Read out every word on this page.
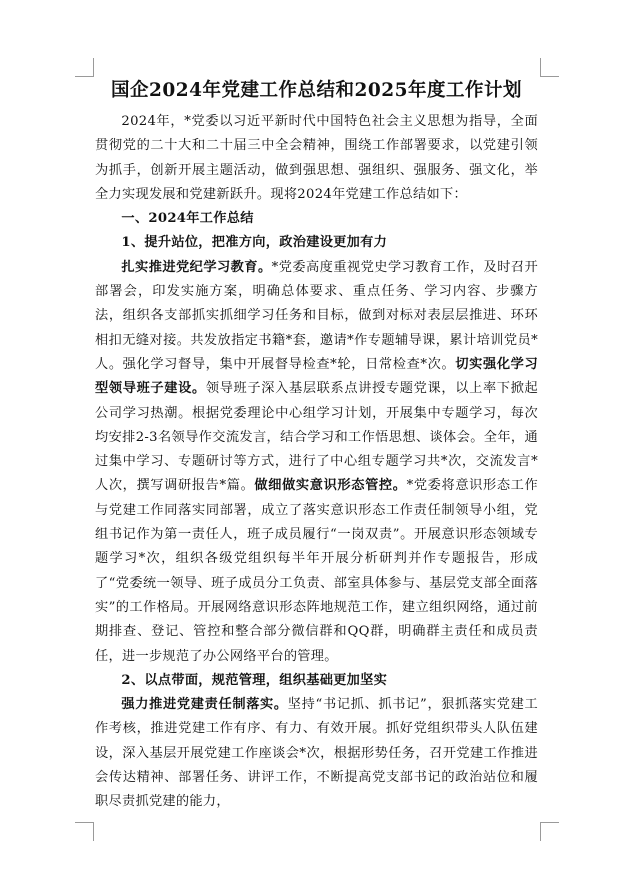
国企2024年党建工作总结和2025年度工作计划

2024年，*党委以习近平新时代中国特色社会主义思想为指导，全面贯彻党的二十大和二十届三中全会精神，围绕工作部署要求，以党建引领为抓手，创新开展主题活动，做到强思想、强组织、强服务、强文化，举全力实现发展和党建新跃升。现将2024年党建工作总结如下：

一、2024年工作总结

1、提升站位，把准方向，政治建设更加有力

扎实推进党纪学习教育。*党委高度重视党史学习教育工作，及时召开部署会，印发实施方案，明确总体要求、重点任务、学习内容、步骤方法，组织各支部抓实抓细学习任务和目标，做到对标对表层层推进、环环相扣无缝对接。共发放指定书籍*套，邀请*作专题辅导课，累计培训党员*人。强化学习督导，集中开展督导检查*轮，日常检查*次。切实强化学习型领导班子建设。领导班子深入基层联系点讲授专题党课，以上率下掀起公司学习热潮。根据党委理论中心组学习计划，开展集中专题学习，每次均安排2-3名领导作交流发言，结合学习和工作悟思想、谈体会。全年，通过集中学习、专题研讨等方式，进行了中心组专题学习共*次，交流发言*人次，撰写调研报告*篇。做细做实意识形态管控。*党委将意识形态工作与党建工作同落实同部署，成立了落实意识形态工作责任制领导小组，党组书记作为第一责任人，班子成员履行“一岗双责”。开展意识形态领域专题学习*次，组织各级党组织每半年开展分析研判并作专题报告，形成了“党委统一领导、班子成员分工负责、部室具体参与、基层党支部全面落实”的工作格局。开展网络意识形态阵地规范工作，建立组织网络，通过前期排查、登记、管控和整合部分微信群和QQ群，明确群主责任和成员责任，进一步规范了办公网络平台的管理。

2、以点带面，规范管理，组织基础更加坚实

强力推进党建责任制落实。坚持“书记抓、抓书记”，狠抓落实党建工作考核，推进党建工作有序、有力、有效开展。抓好党组织带头人队伍建设，深入基层开展党建工作座谈会*次，根据形势任务，召开党建工作推进会传达精神、部署任务、讲评工作，不断提高党支部书记的政治站位和履职尽责抓党建的能力，
